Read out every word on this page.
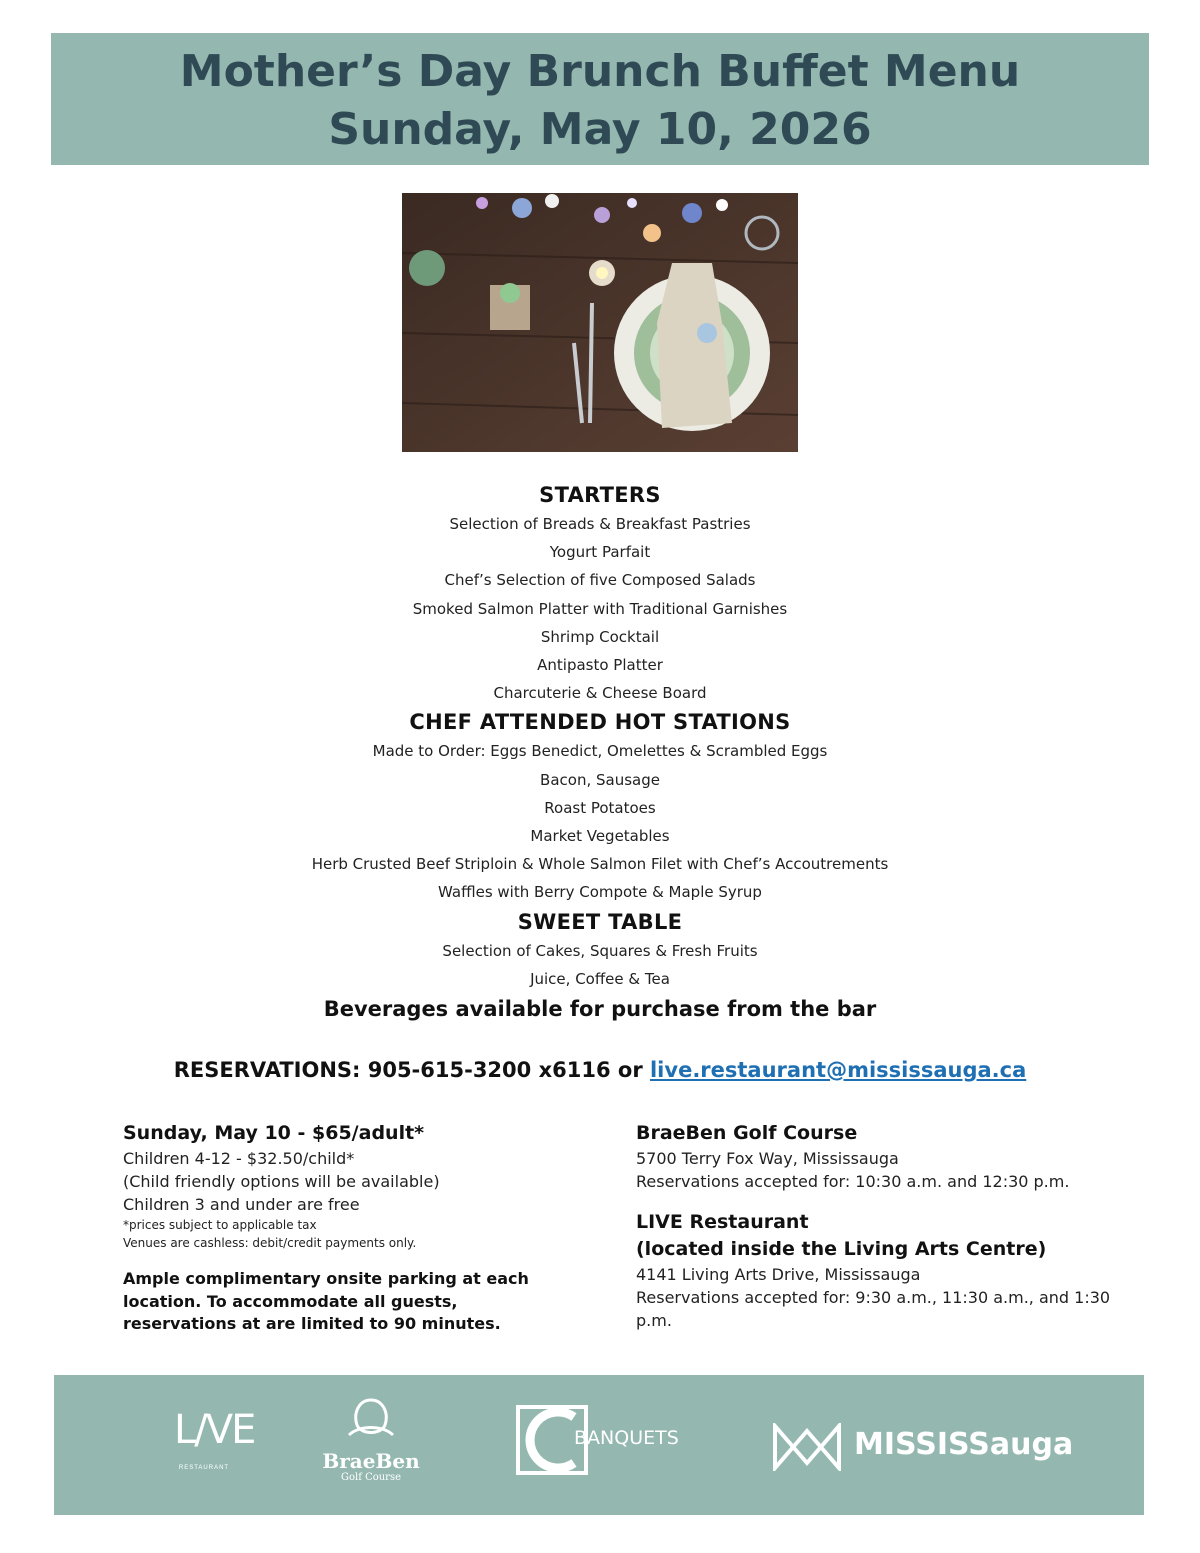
Mother’s Day Brunch Buffet Menu
Sunday, May 10, 2026
STARTERS
Selection of Breads & Breakfast Pastries
Yogurt Parfait
Chef’s Selection of five Composed Salads
Smoked Salmon Platter with Traditional Garnishes
Shrimp Cocktail
Antipasto Platter
Charcuterie & Cheese Board
CHEF ATTENDED HOT STATIONS
Made to Order: Eggs Benedict, Omelettes & Scrambled Eggs
Bacon, Sausage
Roast Potatoes
Market Vegetables
Herb Crusted Beef Striploin & Whole Salmon Filet with Chef’s Accoutrements
Waffles with Berry Compote & Maple Syrup
SWEET TABLE
Selection of Cakes, Squares & Fresh Fruits
Juice, Coffee & Tea
Beverages available for purchase from the bar
RESERVATIONS: 905-615-3200 x6116 or live.restaurant@mississauga.ca
Sunday, May 10 - $65/adult*
Children 4-12 - $32.50/child*
(Child friendly options will be available)
Children 3 and under are free
*prices subject to applicable tax
Venues are cashless: debit/credit payments only.
Ample complimentary onsite parking at each location. To accommodate all guests, reservations at are limited to 90 minutes.
BraeBen Golf Course
5700 Terry Fox Way, Mississauga
Reservations accepted for: 10:30 a.m. and 12:30 p.m.
LIVE Restaurant
(located inside the Living Arts Centre)
4141 Living Arts Drive, Mississauga
Reservations accepted for: 9:30 a.m., 11:30 a.m., and 1:30 p.m.
L/VE
RESTAURANT	BraeBen
Golf Course
BANQUETS	MISSISSauga
